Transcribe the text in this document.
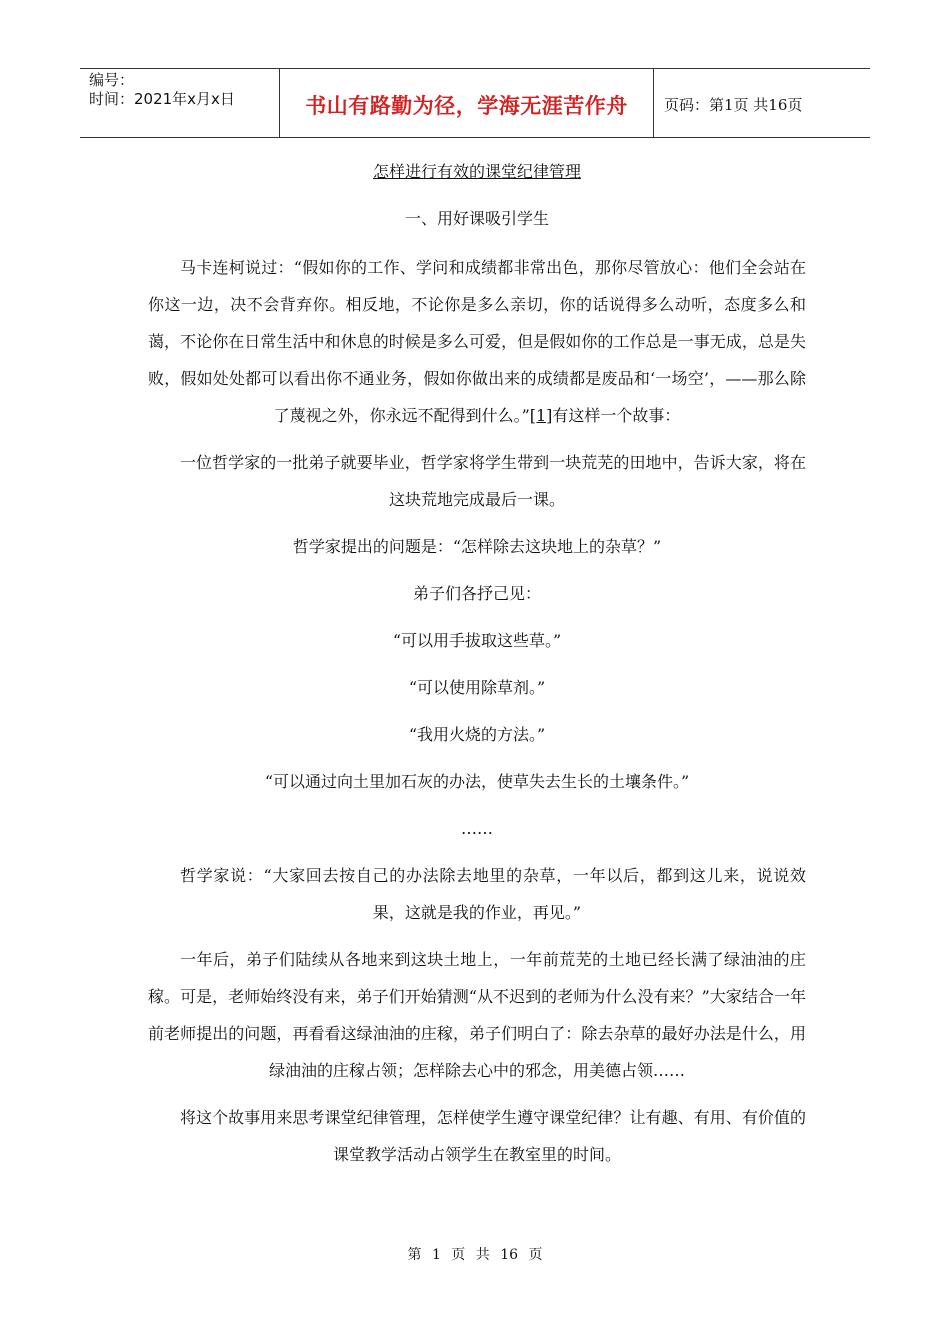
编号：
时间：2021年x月x日	书山有路勤为径，学海无涯苦作舟	页码：第1页 共16页
怎样进行有效的课堂纪律管理
一、用好课吸引学生

马卡连柯说过：“假如你的工作、学问和成绩都非常出色，那你尽管放心：他们全会站在你这一边，决不会背弃你。相反地，不论你是多么亲切，你的话说得多么动听，态度多么和蔼，不论你在日常生活中和休息的时候是多么可爱，但是假如你的工作总是一事无成，总是失败，假如处处都可以看出你不通业务，假如你做出来的成绩都是废品和‘一场空’，——那么除了蔑视之外，你永远不配得到什么。”[1]有这样一个故事：

一位哲学家的一批弟子就要毕业，哲学家将学生带到一块荒芜的田地中，告诉大家，将在这块荒地完成最后一课。

哲学家提出的问题是：“怎样除去这块地上的杂草？”

弟子们各抒己见：

“可以用手拔取这些草。”

“可以使用除草剂。”

“我用火烧的方法。”

“可以通过向土里加石灰的办法，使草失去生长的土壤条件。”

……

哲学家说：“大家回去按自己的办法除去地里的杂草，一年以后，都到这儿来，说说效果，这就是我的作业，再见。”

一年后，弟子们陆续从各地来到这块土地上，一年前荒芜的土地已经长满了绿油油的庄稼。可是，老师始终没有来，弟子们开始猜测“从不迟到的老师为什么没有来？”大家结合一年前老师提出的问题，再看看这绿油油的庄稼，弟子们明白了：除去杂草的最好办法是什么，用绿油油的庄稼占领；怎样除去心中的邪念，用美德占领……

将这个故事用来思考课堂纪律管理，怎样使学生遵守课堂纪律？让有趣、有用、有价值的课堂教学活动占领学生在教室里的时间。

第 1 页 共 16 页
